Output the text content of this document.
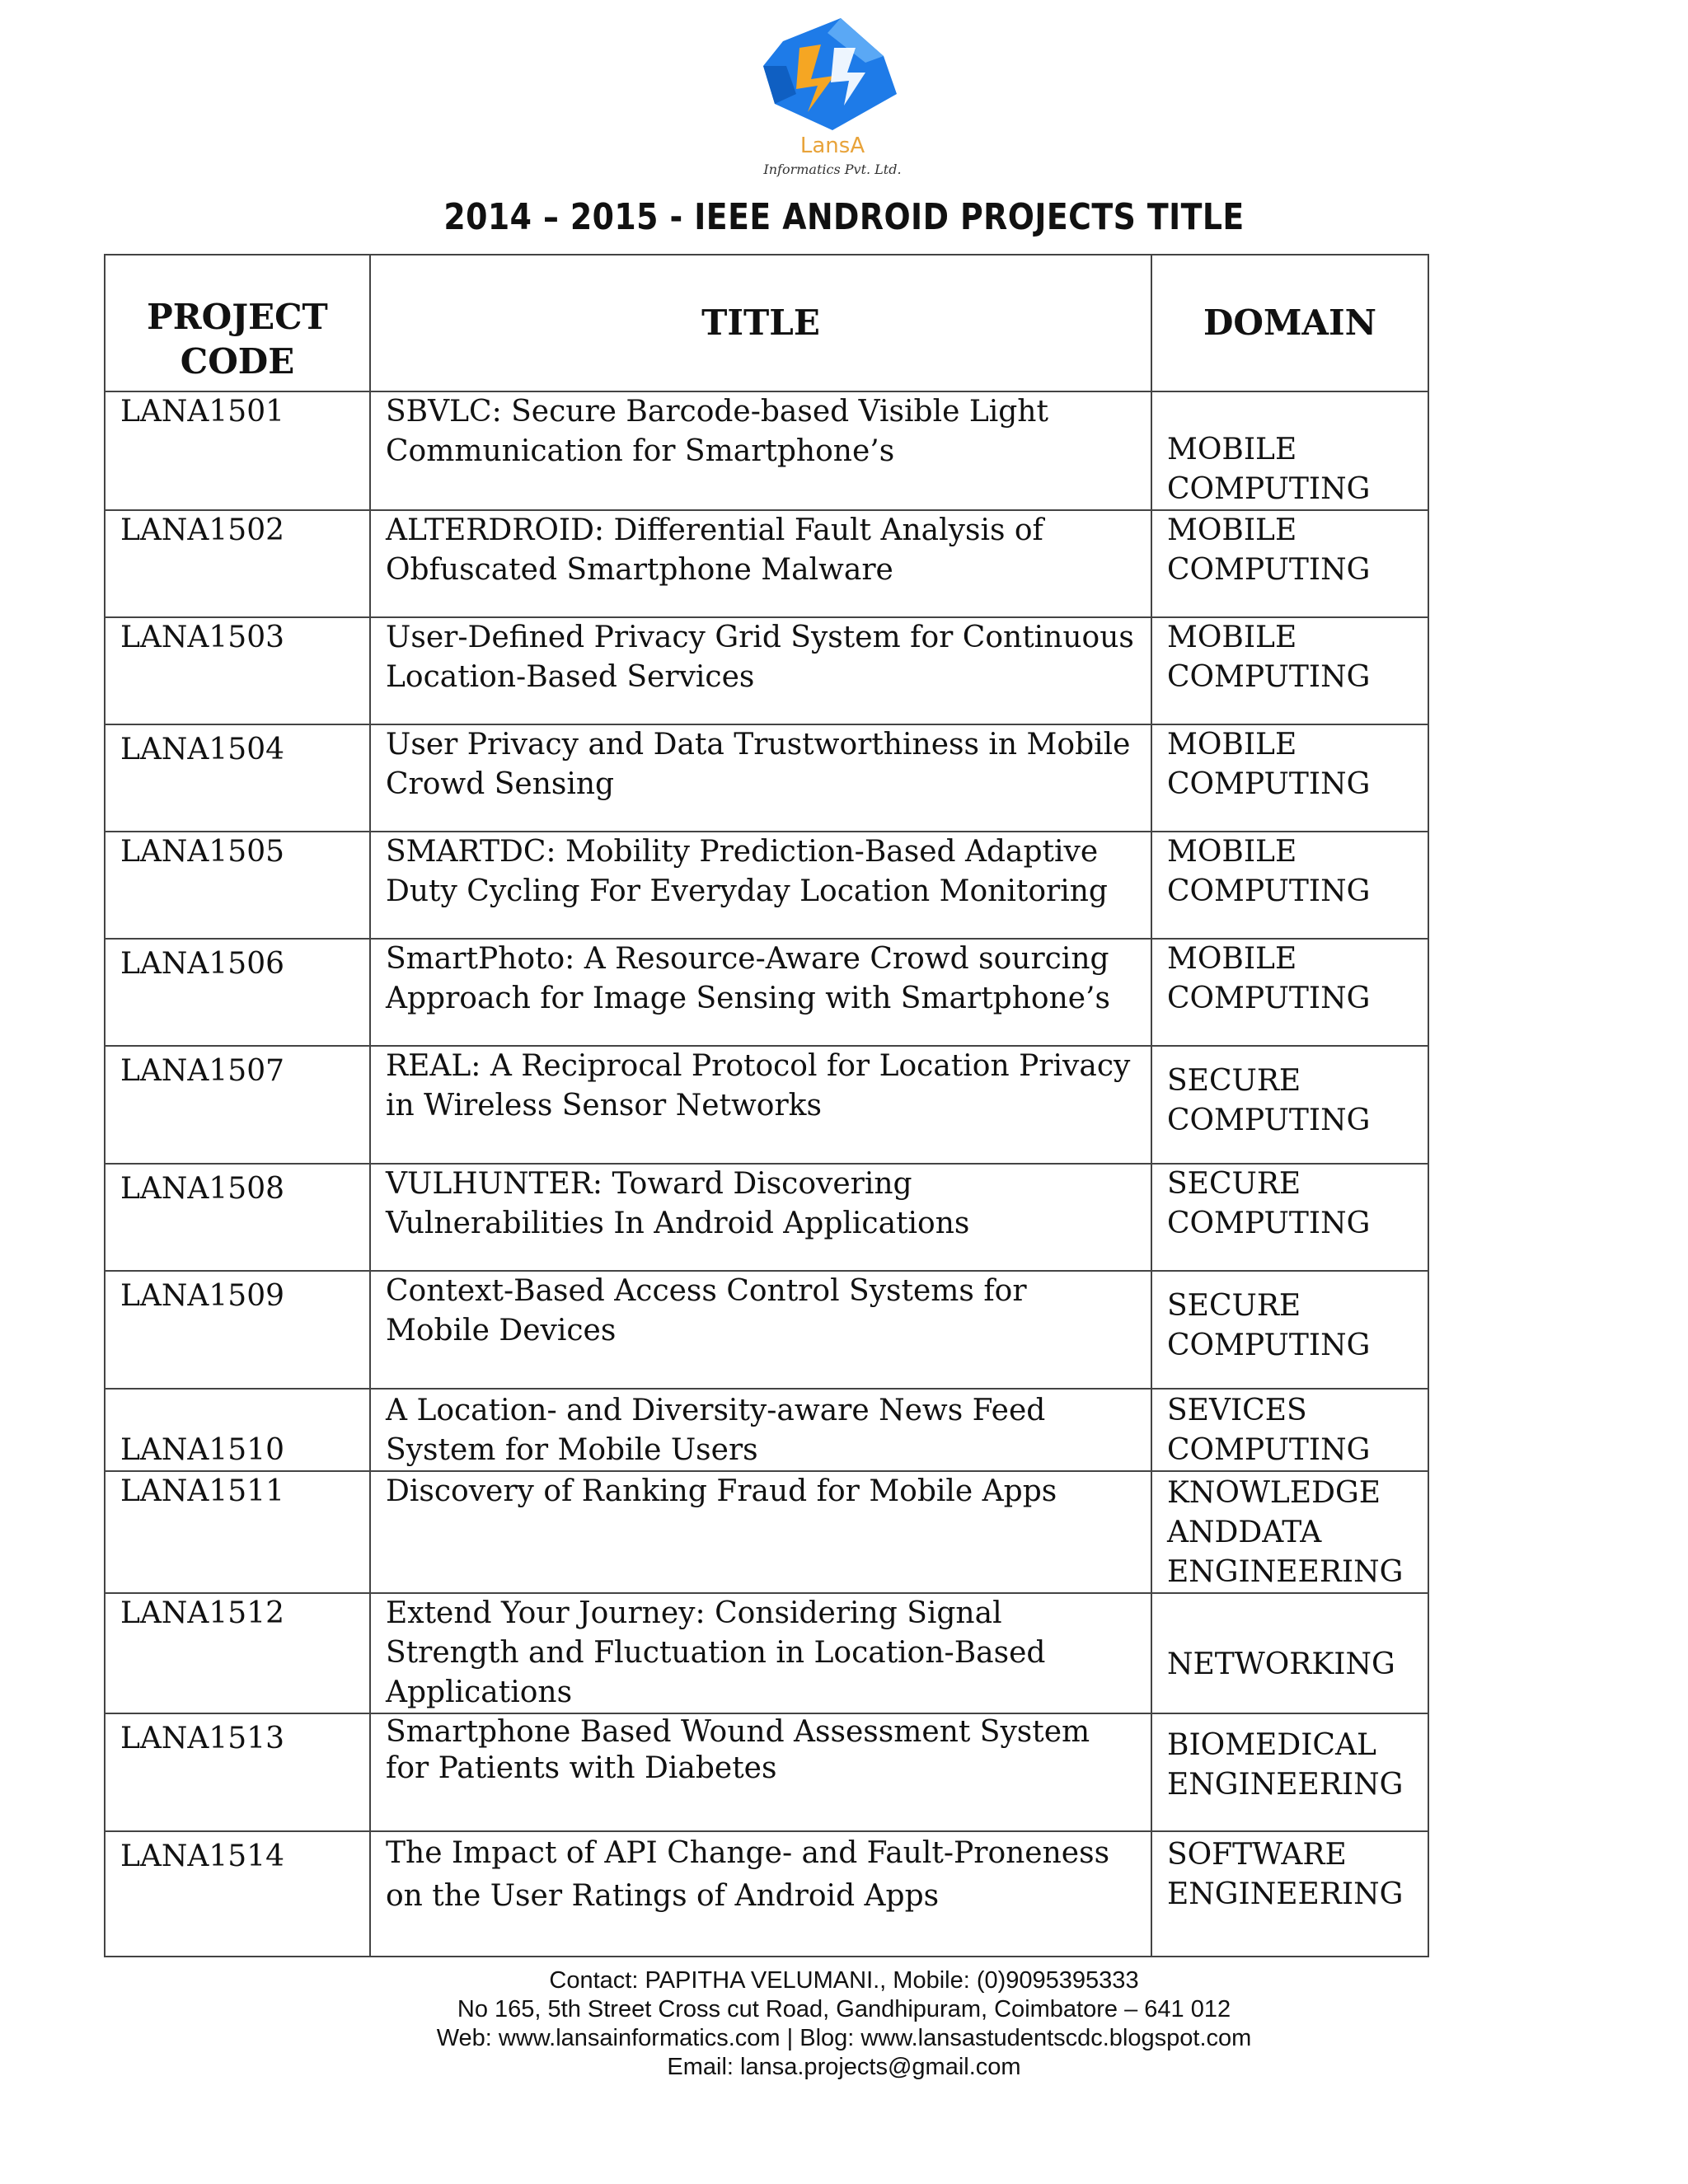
LansA
Informatics Pvt. Ltd.
2014 – 2015 - IEEE ANDROID PROJECTS TITLE
PROJECT CODE	TITLE	DOMAIN
LANA1501	SBVLC: Secure Barcode-based Visible Light Communication for Smartphone’s	MOBILE COMPUTING
LANA1502	ALTERDROID: Differential Fault Analysis of Obfuscated Smartphone Malware	MOBILE COMPUTING
LANA1503	User-Defined Privacy Grid System for Continuous Location-Based Services	MOBILE COMPUTING
LANA1504	User Privacy and Data Trustworthiness in Mobile Crowd Sensing	MOBILE COMPUTING
LANA1505	SMARTDC: Mobility Prediction-Based Adaptive Duty Cycling For Everyday Location Monitoring	MOBILE COMPUTING
LANA1506	SmartPhoto: A Resource-Aware Crowd sourcing Approach for Image Sensing with Smartphone’s	MOBILE COMPUTING
LANA1507	REAL: A Reciprocal Protocol for Location Privacy in Wireless Sensor Networks	SECURE COMPUTING
LANA1508	VULHUNTER: Toward Discovering Vulnerabilities In Android Applications	SECURE COMPUTING
LANA1509	Context-Based Access Control Systems for Mobile Devices	SECURE COMPUTING
LANA1510	A Location- and Diversity-aware News Feed System for Mobile Users	SEVICES COMPUTING
LANA1511	Discovery of Ranking Fraud for Mobile Apps	KNOWLEDGE ANDDATA ENGINEERING
LANA1512	Extend Your Journey: Considering Signal Strength and Fluctuation in Location-Based Applications	NETWORKING
LANA1513	Smartphone Based Wound Assessment System for Patients with Diabetes	BIOMEDICAL ENGINEERING
LANA1514	The Impact of API Change- and Fault-Proneness on the User Ratings of Android Apps	SOFTWARE ENGINEERING
Contact: PAPITHA VELUMANI., Mobile: (0)9095395333
No 165, 5th Street Cross cut Road, Gandhipuram, Coimbatore – 641 012
Web: www.lansainformatics.com | Blog: www.lansastudentscdc.blogspot.com
Email: lansa.projects@gmail.com
